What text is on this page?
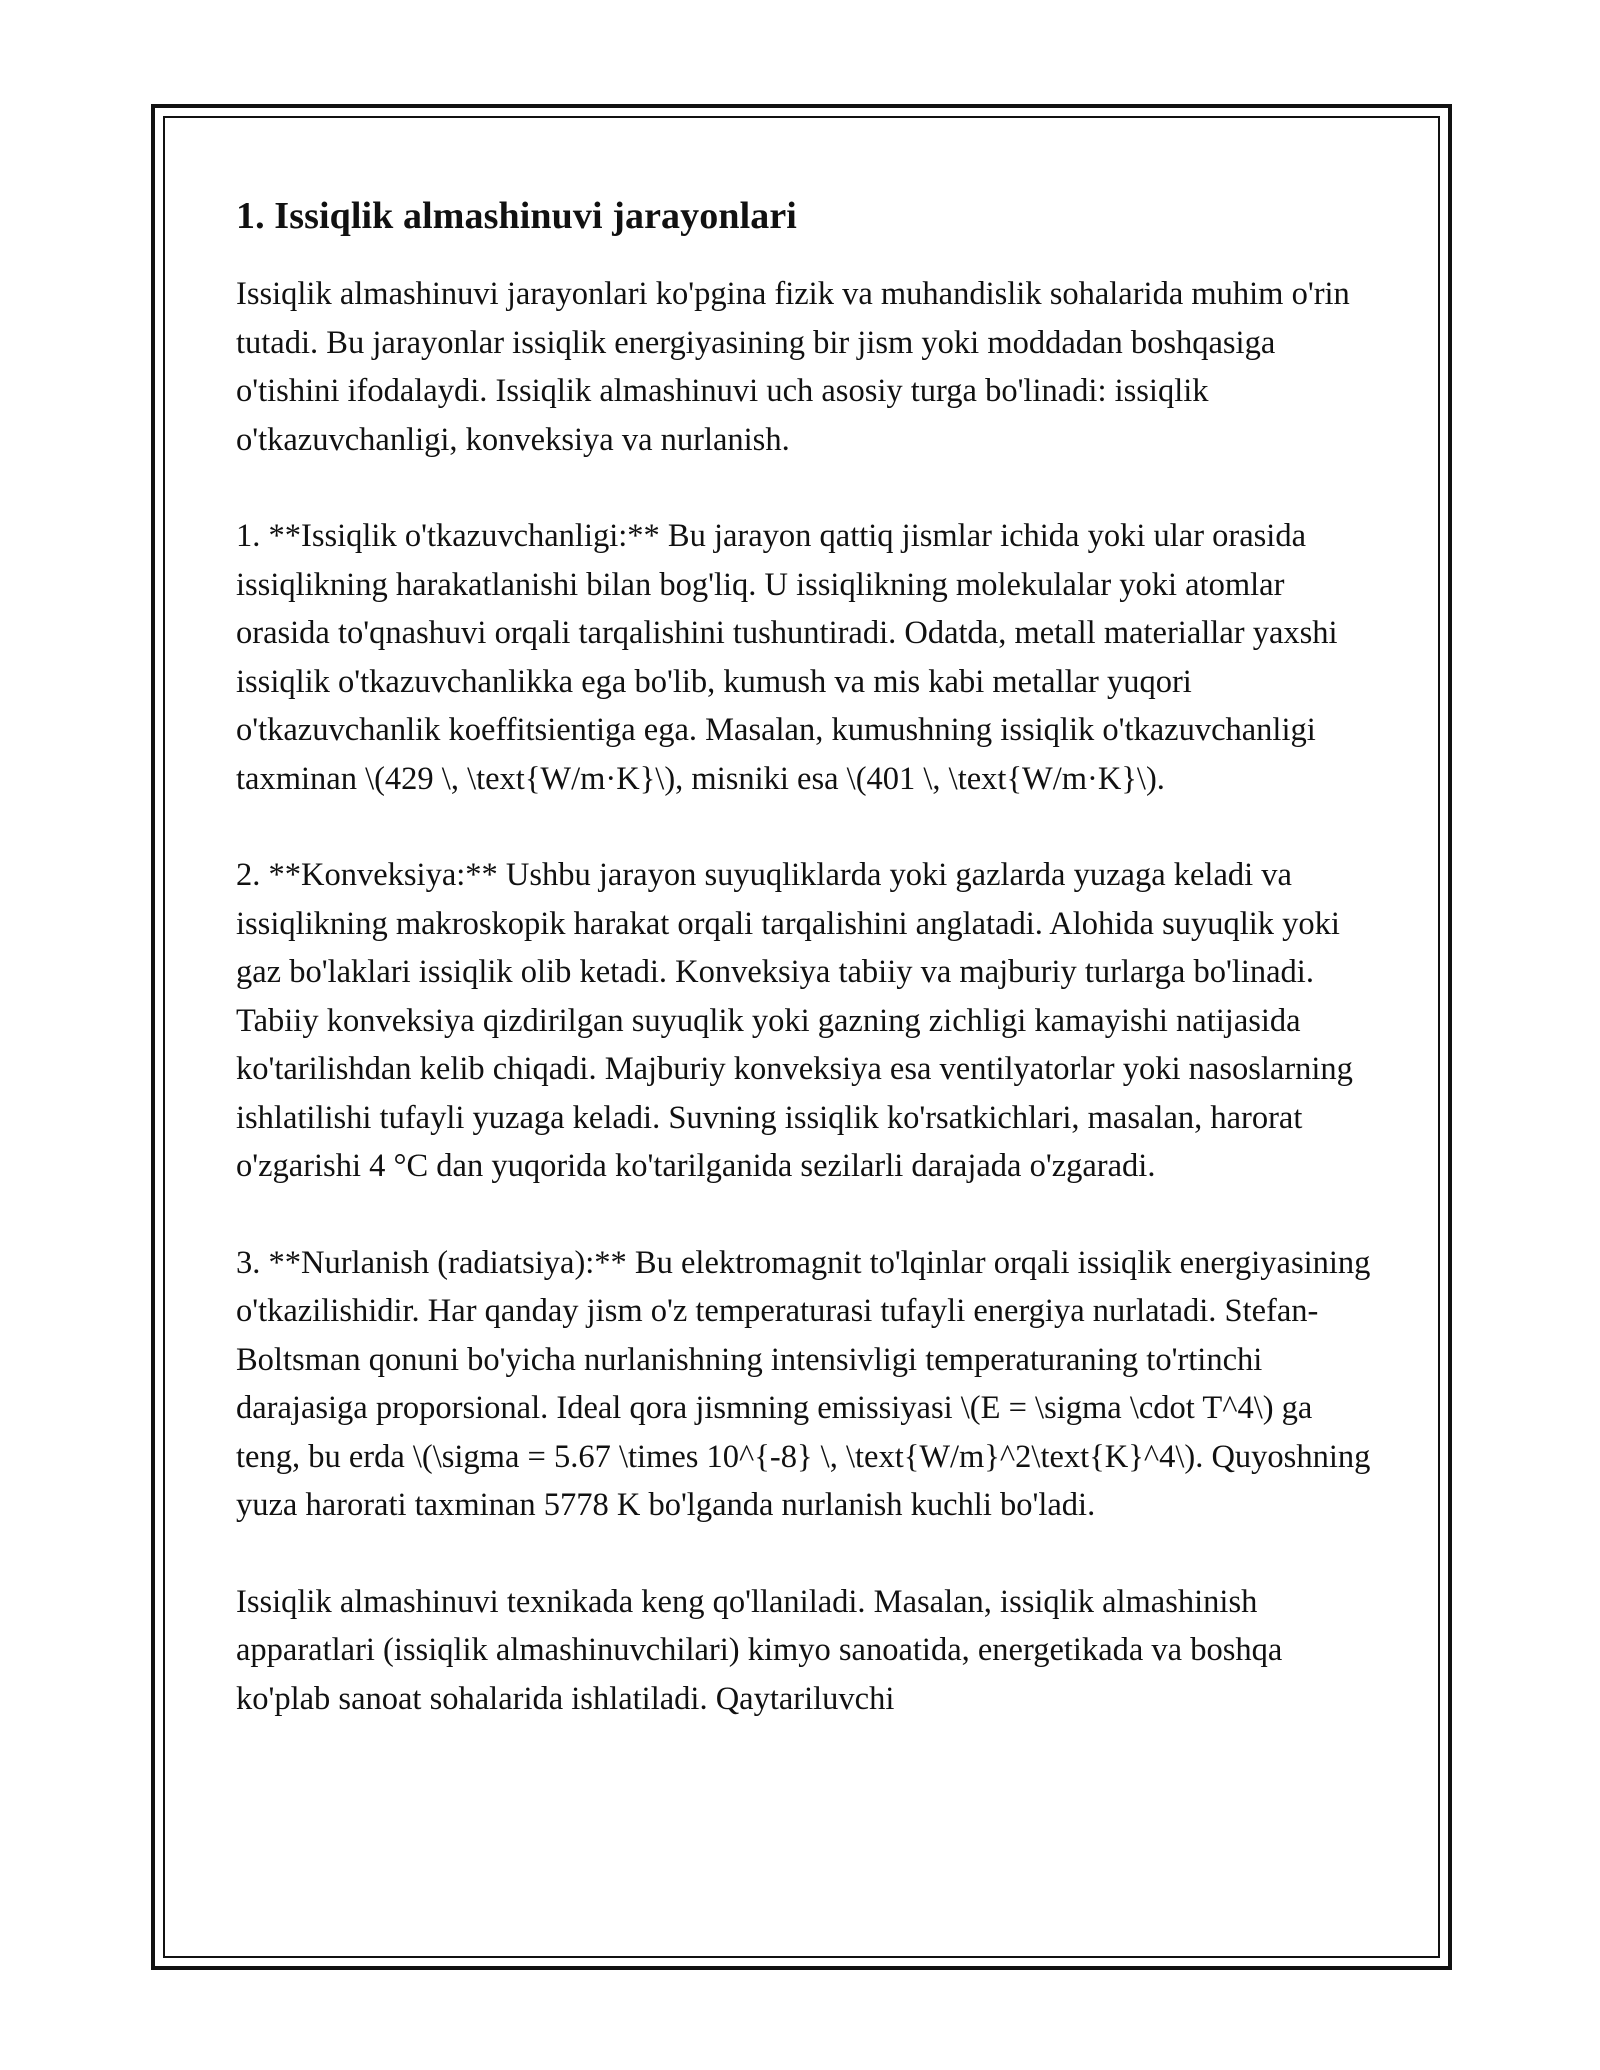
1. Issiqlik almashinuvi jarayonlari

Issiqlik almashinuvi jarayonlari ko'pgina fizik va muhandislik sohalarida muhim o'rin tutadi. Bu jarayonlar issiqlik energiyasining bir jism yoki moddadan boshqasiga o'tishini ifodalaydi. Issiqlik almashinuvi uch asosiy turga bo'linadi: issiqlik o'tkazuvchanligi, konveksiya va nurlanish.

1. **Issiqlik o'tkazuvchanligi:** Bu jarayon qattiq jismlar ichida yoki ular orasida issiqlikning harakatlanishi bilan bog'liq. U issiqlikning molekulalar yoki atomlar orasida to'qnashuvi orqali tarqalishini tushuntiradi. Odatda, metall materiallar yaxshi issiqlik o'tkazuvchanlikka ega bo'lib, kumush va mis kabi metallar yuqori o'tkazuvchanlik koeffitsientiga ega. Masalan, kumushning issiqlik o'tkazuvchanligi taxminan \(429 \, \text{W/m·K}\), misniki esa \(401 \, \text{W/m·K}\).

2. **Konveksiya:** Ushbu jarayon suyuqliklarda yoki gazlarda yuzaga keladi va issiqlikning makroskopik harakat orqali tarqalishini anglatadi. Alohida suyuqlik yoki gaz bo'laklari issiqlik olib ketadi. Konveksiya tabiiy va majburiy turlarga bo'linadi. Tabiiy konveksiya qizdirilgan suyuqlik yoki gazning zichligi kamayishi natijasida ko'tarilishdan kelib chiqadi. Majburiy konveksiya esa ventilyatorlar yoki nasoslarning ishlatilishi tufayli yuzaga keladi. Suvning issiqlik ko'rsatkichlari, masalan, harorat o'zgarishi 4 °C dan yuqorida ko'tarilganida sezilarli darajada o'zgaradi.

3. **Nurlanish (radiatsiya):** Bu elektromagnit to'lqinlar orqali issiqlik energiyasining o'tkazilishidir. Har qanday jism o'z temperaturasi tufayli energiya nurlatadi. Stefan-Boltsman qonuni bo'yicha nurlanishning intensivligi temperaturaning to'rtinchi darajasiga proporsional. Ideal qora jismning emissiyasi \(E = \sigma \cdot T^4\) ga teng, bu erda \(\sigma = 5.67 \times 10^{-8} \, \text{W/m}^2\text{K}^4\). Quyoshning yuza harorati taxminan 5778 K bo'lganda nurlanish kuchli bo'ladi.

Issiqlik almashinuvi texnikada keng qo'llaniladi. Masalan, issiqlik almashinish apparatlari (issiqlik almashinuvchilari) kimyo sanoatida, energetikada va boshqa ko'plab sanoat sohalarida ishlatiladi. Qaytariluvchi
